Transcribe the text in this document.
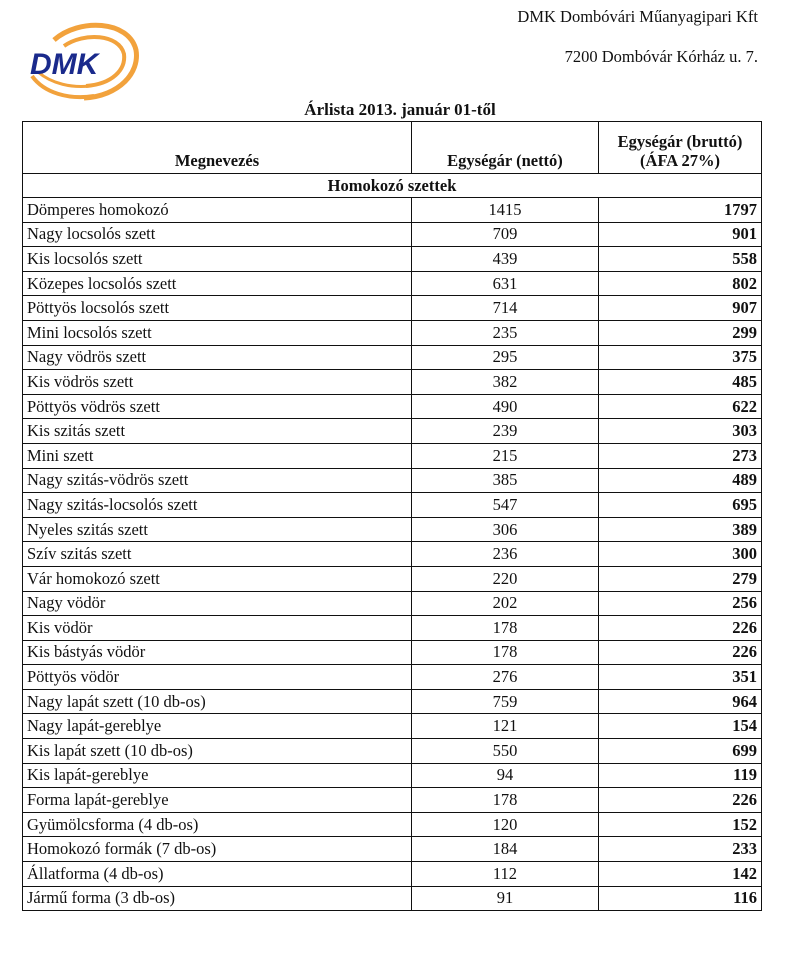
DMK
DMK Dombóvári Műanyagipari Kft
7200 Dombóvár Kórház u. 7.
Árlista 2013. január 01-től
Megnevezés	Egységár (nettó)	Egységár (bruttó)
(ÁFA 27%)
Homokozó szettek		
Dömperes homokozó	1415	1797
Nagy locsolós szett	709	901
Kis locsolós szett	439	558
Közepes locsolós szett	631	802
Pöttyös locsolós szett	714	907
Mini locsolós szett	235	299
Nagy vödrös szett	295	375
Kis vödrös szett	382	485
Pöttyös vödrös szett	490	622
Kis szitás szett	239	303
Mini szett	215	273
Nagy szitás-vödrös szett	385	489
Nagy szitás-locsolós szett	547	695
Nyeles szitás szett	306	389
Szív szitás szett	236	300
Vár homokozó szett	220	279
Nagy vödör	202	256
Kis vödör	178	226
Kis bástyás vödör	178	226
Pöttyös vödör	276	351
Nagy lapát szett (10 db-os)	759	964
Nagy lapát-gereblye	121	154
Kis lapát szett (10 db-os)	550	699
Kis lapát-gereblye	94	119
Forma lapát-gereblye	178	226
Gyümölcsforma (4 db-os)	120	152
Homokozó formák (7 db-os)	184	233
Állatforma (4 db-os)	112	142
Jármű forma (3 db-os)	91	116
